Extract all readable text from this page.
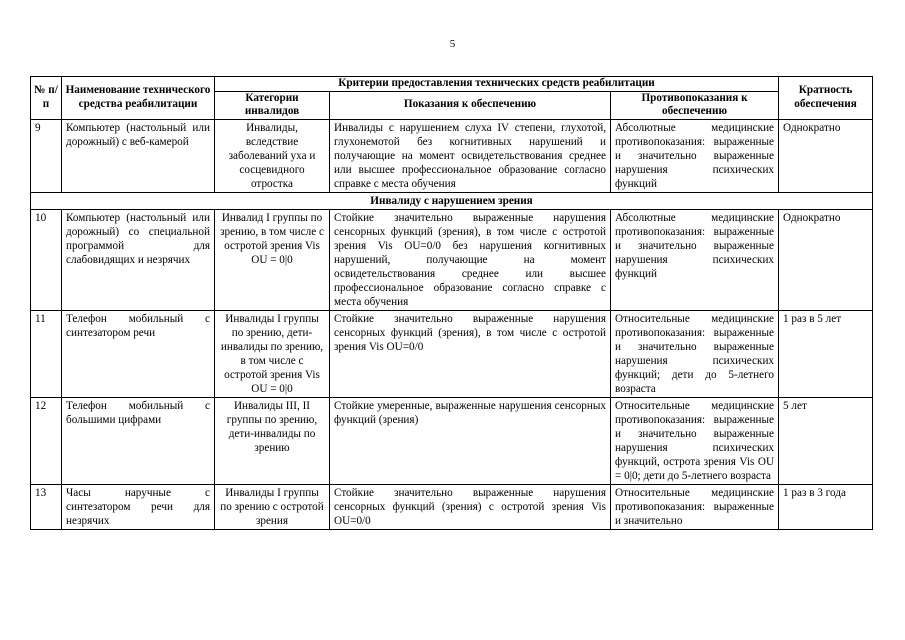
5
№ п/п	Наименование технического средства реабилитации	Критерии предоставления технических средств реабилитации			Кратность обеспечения
		Категории инвалидов	Показания к обеспечению	Противопоказания к обеспечению	
9	Компьютер (настольный или дорожный) с веб-камерой	Инвалиды, вследствие заболеваний уха и сосцевидного отростка	Инвалиды с нарушением слуха IV степени, глухотой, глухонемотой без когнитивных нарушений и получающие на момент освидетельствования среднее или высшее профессиональное образование согласно справке с места обучения	Абсолютные медицинские противопоказания: выраженные и значительно выраженные нарушения психических функций	Однократно
Инвалиду с нарушением зрения					
10	Компьютер (настольный или дорожный) со специальной программой для слабовидящих и незрячих	Инвалид I группы по зрению, в том числе с остротой зрения Vis OU = 0|0	Стойкие значительно выраженные нарушения сенсорных функций (зрения), в том числе с остротой зрения Vis OU=0/0 без нарушения когнитивных нарушений, получающие на момент освидетельствования среднее или высшее профессиональное образование согласно справке с места обучения	Абсолютные медицинские противопоказания: выраженные и значительно выраженные нарушения психических функций	Однократно
11	Телефон мобильный с синтезатором речи	Инвалиды I группы по зрению, дети-инвалиды по зрению, в том числе с остротой зрения Vis OU = 0|0	Стойкие значительно выраженные нарушения сенсорных функций (зрения), в том числе с остротой зрения Vis OU=0/0	Относительные медицинские противопоказания: выраженные и значительно выраженные нарушения психических функций; дети до 5-летнего возраста	1 раз в 5 лет
12	Телефон мобильный с большими цифрами	Инвалиды III, II группы по зрению, дети-инвалиды по зрению	Стойкие умеренные, выраженные нарушения сенсорных функций (зрения)	Относительные медицинские противопоказания: выраженные и значительно выраженные нарушения психических функций, острота зрения Vis OU = 0|0; дети до 5-летнего возраста	5 лет
13	Часы наручные с синтезатором речи для незрячих	Инвалиды I группы по зрению с остротой зрения	Стойкие значительно выраженные нарушения сенсорных функций (зрения) с остротой зрения Vis OU=0/0	Относительные медицинские противопоказания: выраженные и значительно	1 раз в 3 года
